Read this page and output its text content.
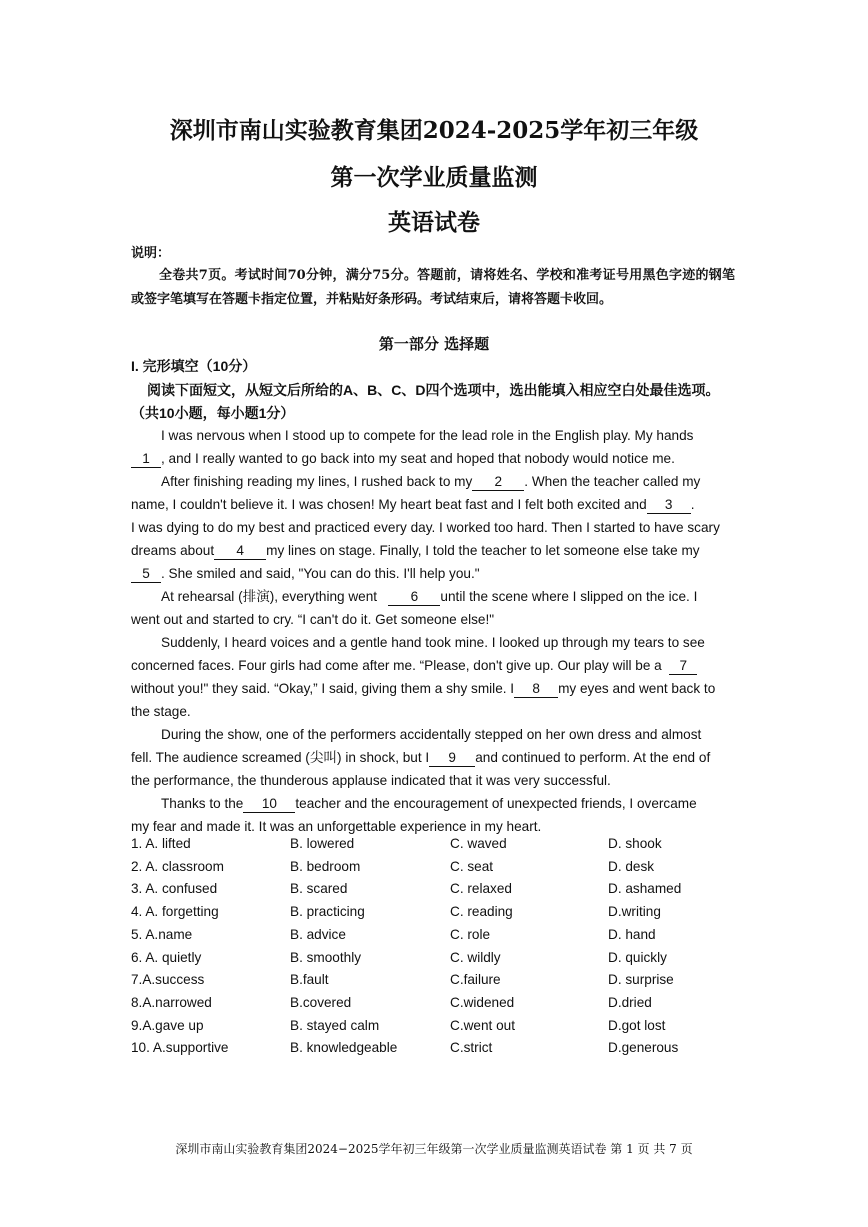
深圳市南山实验教育集团2024-2025学年初三年级
第一次学业质量监测
英语试卷
说明：
全卷共7页。考试时间70分钟，满分75分。答题前，请将姓名、学校和准考证号用黑色字迹的钢笔或签字笔填写在答题卡指定位置，并粘贴好条形码。考试结束后，请将答题卡收回。
第一部分 选择题
I. 完形填空（10分）
阅读下面短文，从短文后所给的A、B、C、D四个选项中，选出能填入相应空白处最佳选项。（共10小题，每小题1分）
I was nervous when I stood up to compete for the lead role in the English play. My hands
1 , and I really wanted to go back into my seat and hoped that nobody would notice me.
After finishing reading my lines, I rushed back to my 2 . When the teacher called my
name, I couldn't believe it. I was chosen! My heart beat fast and I felt both excited and 3 .
I was dying to do my best and practiced every day. I worked too hard. Then I started to have scary
dreams about 4 my lines on stage. Finally, I told the teacher to let someone else take my
5 . She smiled and said, "You can do this. I'll help you."
At rehearsal (排演), everything went 6 until the scene where I slipped on the ice. I
went out and started to cry. “I can't do it. Get someone else!"
Suddenly, I heard voices and a gentle hand took mine. I looked up through my tears to see
concerned faces. Four girls had come after me. “Please, don't give up. Our play will be a 7
without you!" they said. “Okay,” I said, giving them a shy smile. I 8 my eyes and went back to
the stage.
During the show, one of the performers accidentally stepped on her own dress and almost
fell. The audience screamed (尖叫) in shock, but I 9 and continued to perform. At the end of
the performance, the thunderous applause indicated that it was very successful.
Thanks to the 10 teacher and the encouragement of unexpected friends, I overcame
my fear and made it. It was an unforgettable experience in my heart.
1. A. lifted	B. lowered	C. waved	D. shook
2. A. classroom	B. bedroom	C. seat	D. desk
3. A. confused	B. scared	C. relaxed	D. ashamed
4. A. forgetting	B. practicing	C. reading	D.writing
5. A.name	B. advice	C. role	D. hand
6. A. quietly	B. smoothly	C. wildly	D. quickly
7.A.success	B.fault	C.failure	D. surprise
8.A.narrowed	B.covered	C.widened	D.dried
9.A.gave up	B. stayed calm	C.went out	D.got lost
10. A.supportive	B. knowledgeable	C.strict	D.generous
深圳市南山实验教育集团2024−2025学年初三年级第一次学业质量监测英语试卷 第 1 页 共 7 页
